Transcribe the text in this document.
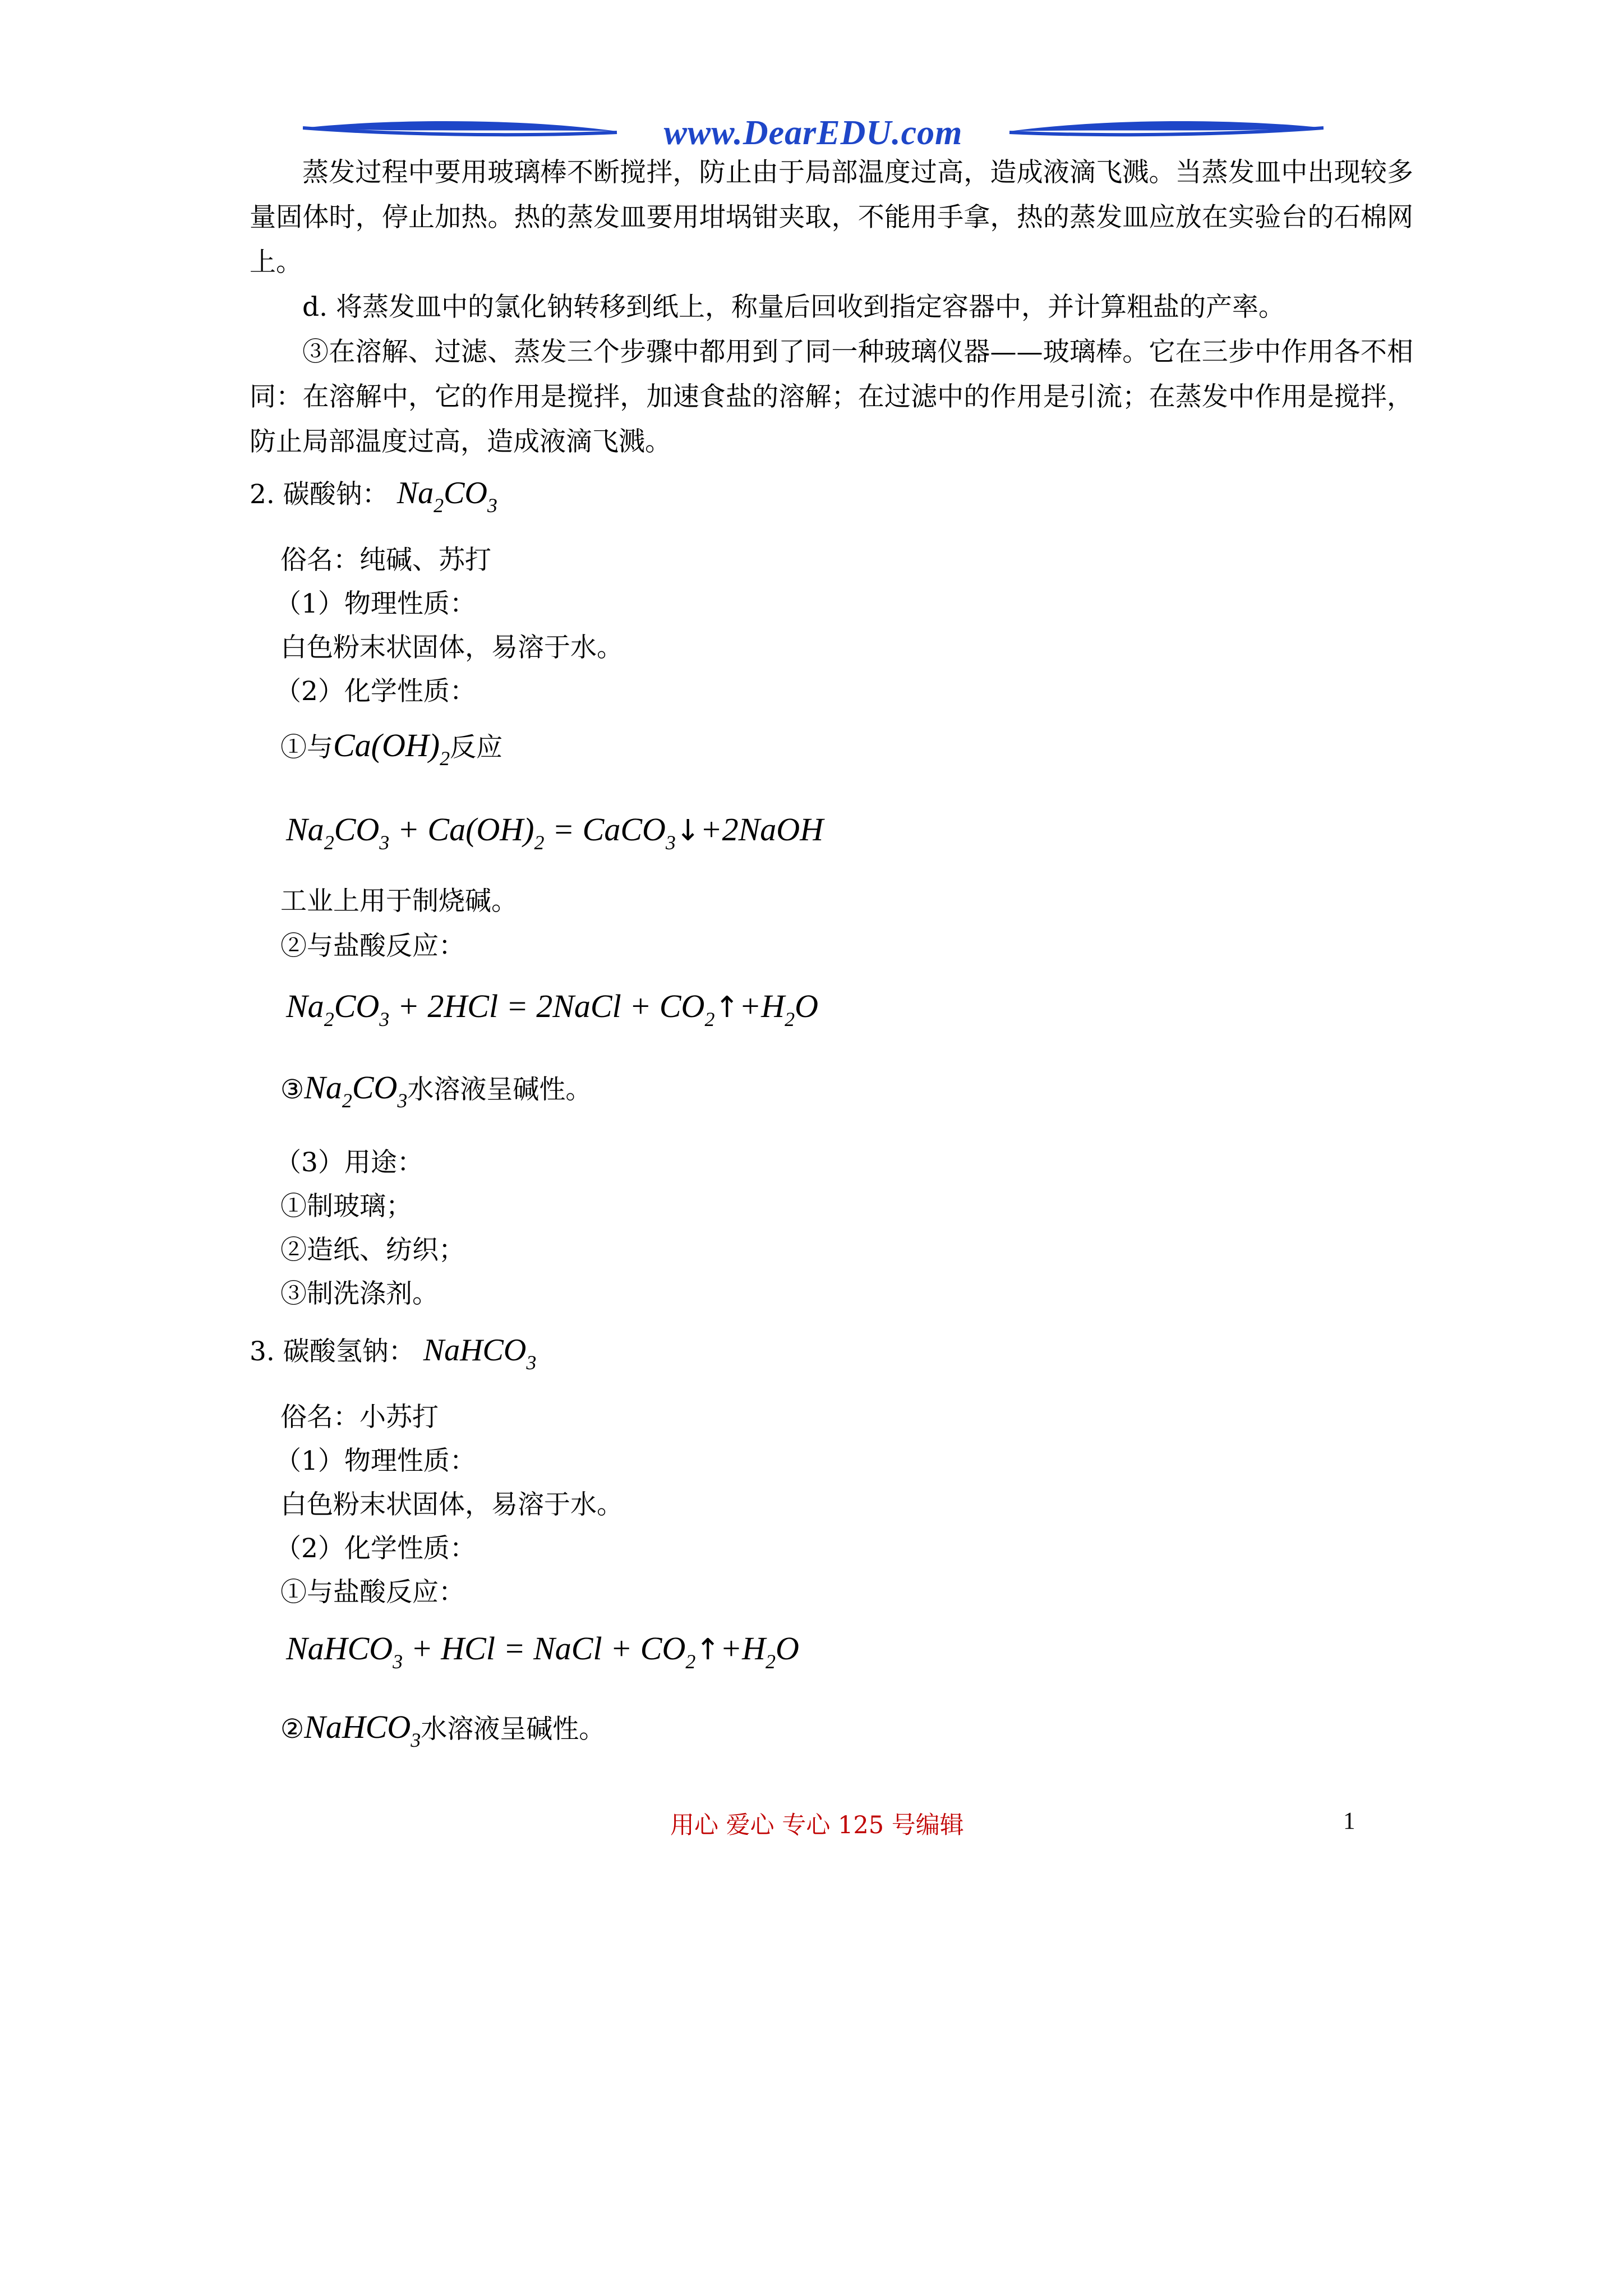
www.DearEDU.com
蒸发过程中要用玻璃棒不断搅拌，防止由于局部温度过高，造成液滴飞溅。当蒸发皿中出现较多量固体时，停止加热。热的蒸发皿要用坩埚钳夹取，不能用手拿，热的蒸发皿应放在实验台的石棉网上。
d. 将蒸发皿中的氯化钠转移到纸上，称量后回收到指定容器中，并计算粗盐的产率。
③在溶解、过滤、蒸发三个步骤中都用到了同一种玻璃仪器——玻璃棒。它在三步中作用各不相同：在溶解中，它的作用是搅拌，加速食盐的溶解；在过滤中的作用是引流；在蒸发中作用是搅拌，防止局部温度过高，造成液滴飞溅。
2. 碳酸钠： $Na_2CO_3$
俗名：纯碱、苏打
（1）物理性质：
白色粉末状固体，易溶于水。
（2）化学性质：
①与$Ca(OH)_2$反应
$Na_2CO_3 + Ca(OH)_2$ = CaCO$_3$↓+2NaOH
工业上用于制烧碱。
②与盐酸反应：
$Na_2CO_3 + 2HCl$ = 2NaCl + $CO_2↑+H_2O$
$③Na_2CO_3$水溶液呈碱性。
（3）用途：
①制玻璃；
②造纸、纺织；
③制洗涤剂。
3. 碳酸氢钠： NaHCO$_3$
俗名：小苏打
（1）物理性质：
白色粉末状固体，易溶于水。
（2）化学性质：
①与盐酸反应：
NaHCO$_3$ + HCl = NaCl + $CO_2↑+H_2O$
②NaHCO$_3$水溶液呈碱性。
用心 爱心 专心 125 号编辑	1
